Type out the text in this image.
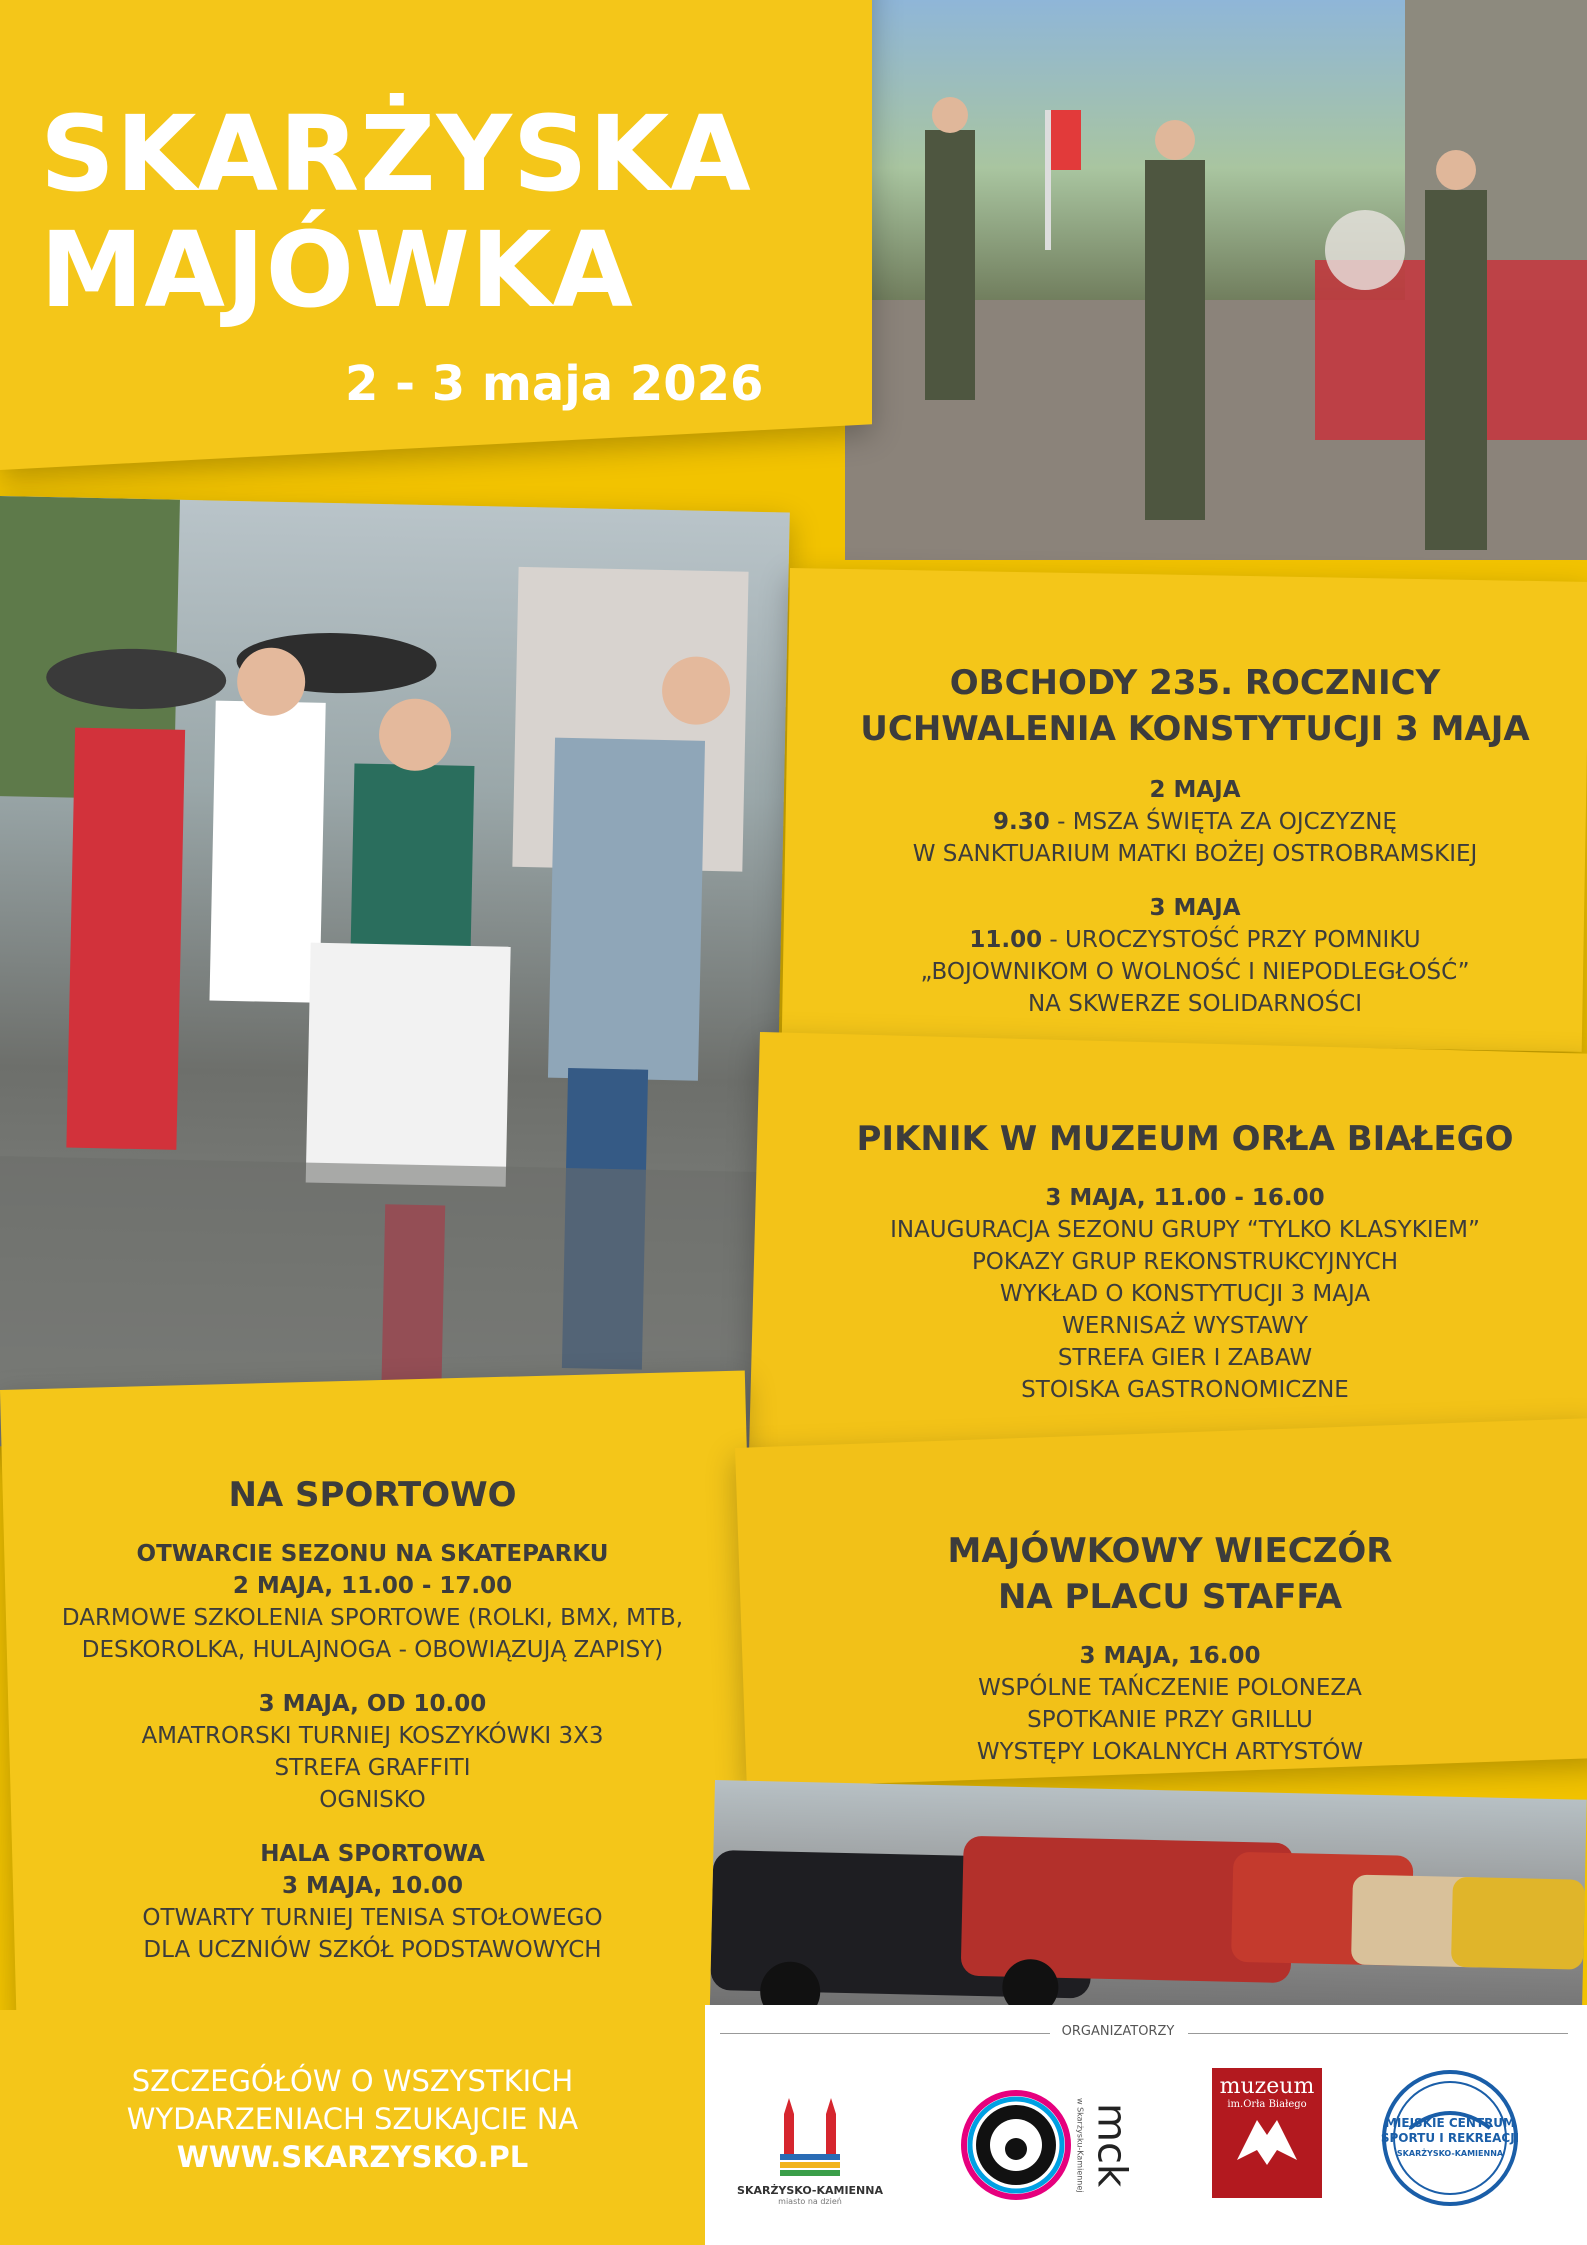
SKARŻYSKA
MAJÓWKA
2 - 3 maja 2026
OBCHODY 235. ROCZNICY
UCHWALENIA KONSTYTUCJI 3 MAJA
2 MAJA
9.30 - MSZA ŚWIĘTA ZA OJCZYZNĘ
W SANKTUARIUM MATKI BOŻEJ OSTROBRAMSKIEJ
3 MAJA
11.00 - UROCZYSTOŚĆ PRZY POMNIKU
„BOJOWNIKOM O WOLNOŚĆ I NIEPODLEGŁOŚĆ”
NA SKWERZE SOLIDARNOŚCI
PIKNIK W MUZEUM ORŁA BIAŁEGO
3 MAJA, 11.00 - 16.00
INAUGURACJA SEZONU GRUPY “TYLKO KLASYKIEM”
POKAZY GRUP REKONSTRUKCYJNYCH
WYKŁAD O KONSTYTUCJI 3 MAJA
WERNISAŻ WYSTAWY
STREFA GIER I ZABAW
STOISKA GASTRONOMICZNE
NA SPORTOWO
OTWARCIE SEZONU NA SKATEPARKU
2 MAJA, 11.00 - 17.00
DARMOWE SZKOLENIA SPORTOWE (ROLKI, BMX, MTB,
DESKOROLKA, HULAJNOGA - OBOWIĄZUJĄ ZAPISY)
3 MAJA, OD 10.00
AMATRORSKI TURNIEJ KOSZYKÓWKI 3X3
STREFA GRAFFITI
OGNISKO
HALA SPORTOWA
3 MAJA, 10.00
OTWARTY TURNIEJ TENISA STOŁOWEGO
DLA UCZNIÓW SZKÓŁ PODSTAWOWYCH
MAJÓWKOWY WIECZÓR
NA PLACU STAFFA
3 MAJA, 16.00
WSPÓLNE TAŃCZENIE POLONEZA
SPOTKANIE PRZY GRILLU
WYSTĘPY LOKALNYCH ARTYSTÓW
SZCZEGÓŁÓW O WSZYSTKICH
WYDARZENIACH SZUKAJCIE NA
WWW.SKARZYSKO.PL
ORGANIZATORZY
SKARŻYSKO-KAMIENNA
miasto na dzień
w Skarżysku-Kamiennej mck
muzeum
im.Orła Białego
MIEJSKIE CENTRUM
SPORTU I REKREACJI
SKARŻYSKO-KAMIENNA
